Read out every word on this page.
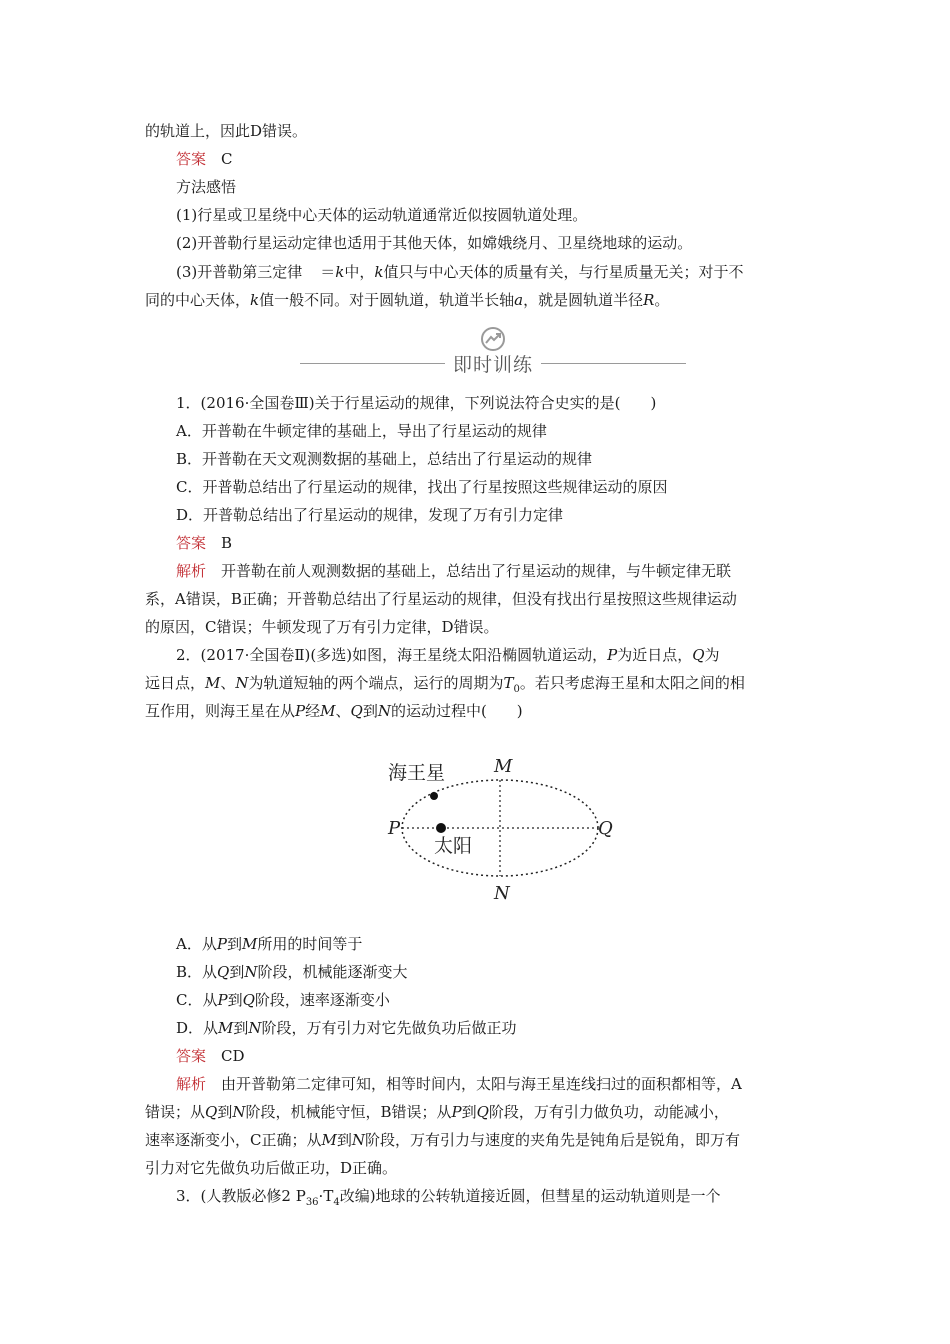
的轨道上，因此D错误。
答案　 C
方法感悟
(1)行星或卫星绕中心天体的运动轨道通常近似按圆轨道处理。
(2)开普勒行星运动定律也适用于其他天体，如嫦娥绕月、卫星绕地球的运动。
(3)开普勒第三定律 ＝k中，k值只与中心天体的质量有关，与行星质量无关；对于不
同的中心天体，k值一般不同。对于圆轨道，轨道半长轴a，就是圆轨道半径R。
即时训练
1．(2016·全国卷Ⅲ)关于行星运动的规律，下列说法符合史实的是(　　)
A．开普勒在牛顿定律的基础上，导出了行星运动的规律
B．开普勒在天文观测数据的基础上，总结出了行星运动的规律
C．开普勒总结出了行星运动的规律，找出了行星按照这些规律运动的原因
D．开普勒总结出了行星运动的规律，发现了万有引力定律
答案　 B
解析　 开普勒在前人观测数据的基础上，总结出了行星运动的规律，与牛顿定律无联
系，A错误，B正确；开普勒总结出了行星运动的规律，但没有找出行星按照这些规律运动
的原因，C错误；牛顿发现了万有引力定律，D错误。
2．(2017·全国卷Ⅱ)(多选)如图，海王星绕太阳沿椭圆轨道运动，P为近日点，Q为
远日点，M、N为轨道短轴的两个端点，运行的周期为$T_0$。若只考虑海王星和太阳之间的相
互作用，则海王星在从P经M、Q到N的运动过程中(　　)
海王星
太阳
M
N
P	Q
A．从P到M所用的时间等于
B．从Q到N阶段，机械能逐渐变大
C．从P到Q阶段，速率逐渐变小
D．从M到N阶段，万有引力对它先做负功后做正功
答案　 CD
解析　 由开普勒第二定律可知，相等时间内，太阳与海王星连线扫过的面积都相等，A
错误；从Q到N阶段，机械能守恒，B错误；从P到Q阶段，万有引力做负功，动能减小，
速率逐渐变小，C正确；从M到N阶段，万有引力与速度的夹角先是钝角后是锐角，即万有
引力对它先做负功后做正功，D正确。
3．(人教版必修2 $P_{36}\cdot T_4$改编)地球的公转轨道接近圆，但彗星的运动轨道则是一个
